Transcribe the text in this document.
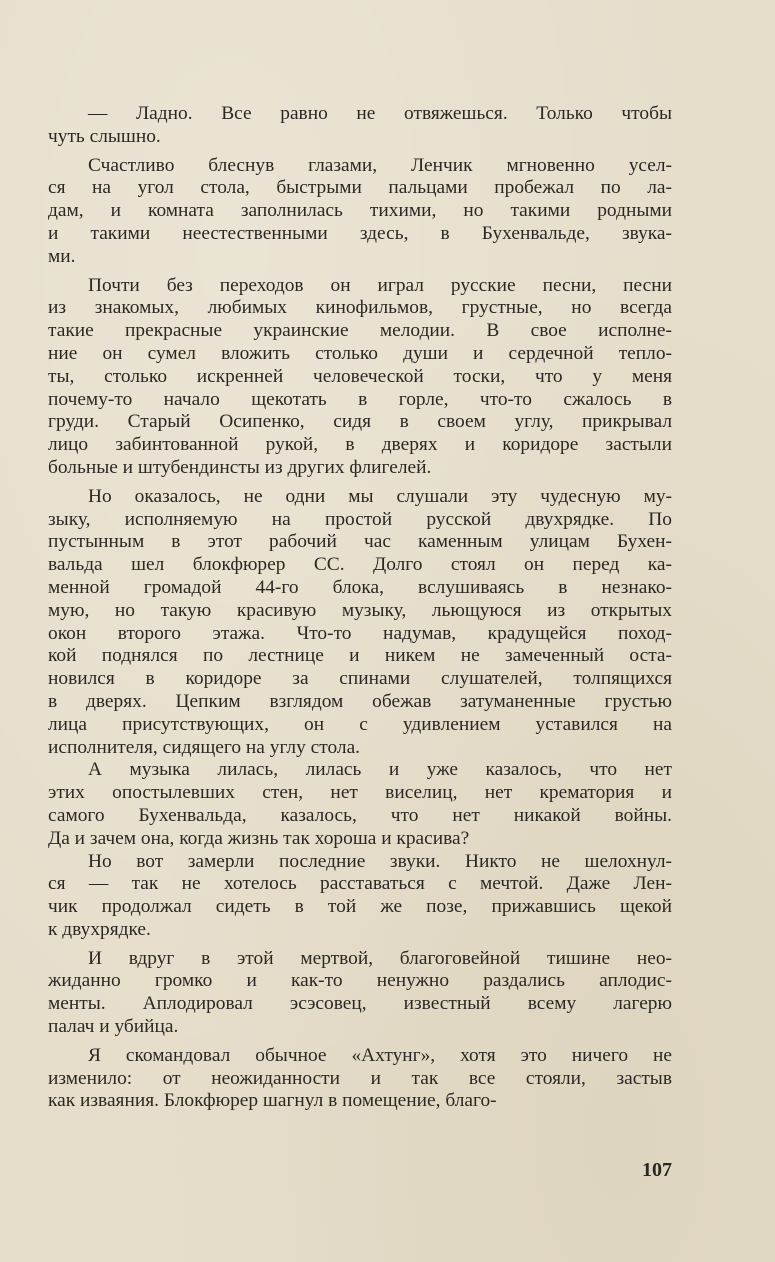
— Ладно. Все равно не отвяжешься. Только чтобы
чуть слышно.
Счастливо блеснув глазами, Ленчик мгновенно усел-
ся на угол стола, быстрыми пальцами пробежал по ла-
дам, и комната заполнилась тихими, но такими родными
и такими неестественными здесь, в Бухенвальде, звука-
ми.
Почти без переходов он играл русские песни, песни
из знакомых, любимых кинофильмов, грустные, но всегда
такие прекрасные украинские мелодии. В свое исполне-
ние он сумел вложить столько души и сердечной тепло-
ты, столько искренней человеческой тоски, что у меня
почему-то начало щекотать в горле, что-то сжалось в
груди. Старый Осипенко, сидя в своем углу, прикрывал
лицо забинтованной рукой, в дверях и коридоре застыли
больные и штубендинсты из других флигелей.
Но оказалось, не одни мы слушали эту чудесную му-
зыку, исполняемую на простой русской двухрядке. По
пустынным в этот рабочий час каменным улицам Бухен-
вальда шел блокфюрер СС. Долго стоял он перед ка-
менной громадой 44-го блока, вслушиваясь в незнако-
мую, но такую красивую музыку, льющуюся из открытых
окон второго этажа. Что-то надумав, крадущейся поход-
кой поднялся по лестнице и никем не замеченный оста-
новился в коридоре за спинами слушателей, толпящихся
в дверях. Цепким взглядом обежав затуманенные грустью
лица присутствующих, он с удивлением уставился на
исполнителя, сидящего на углу стола.
А музыка лилась, лилась и уже казалось, что нет
этих опостылевших стен, нет виселиц, нет крематория и
самого Бухенвальда, казалось, что нет никакой войны.
Да и зачем она, когда жизнь так хороша и красива?
Но вот замерли последние звуки. Никто не шелохнул-
ся — так не хотелось расставаться с мечтой. Даже Лен-
чик продолжал сидеть в той же позе, прижавшись щекой
к двухрядке.
И вдруг в этой мертвой, благоговейной тишине нео-
жиданно громко и как-то ненужно раздались аплодис-
менты. Аплодировал эсэсовец, известный всему лагерю
палач и убийца.
Я скомандовал обычное «Ахтунг», хотя это ничего не
изменило: от неожиданности и так все стояли, застыв
как изваяния. Блокфюрер шагнул в помещение, благо-
107
